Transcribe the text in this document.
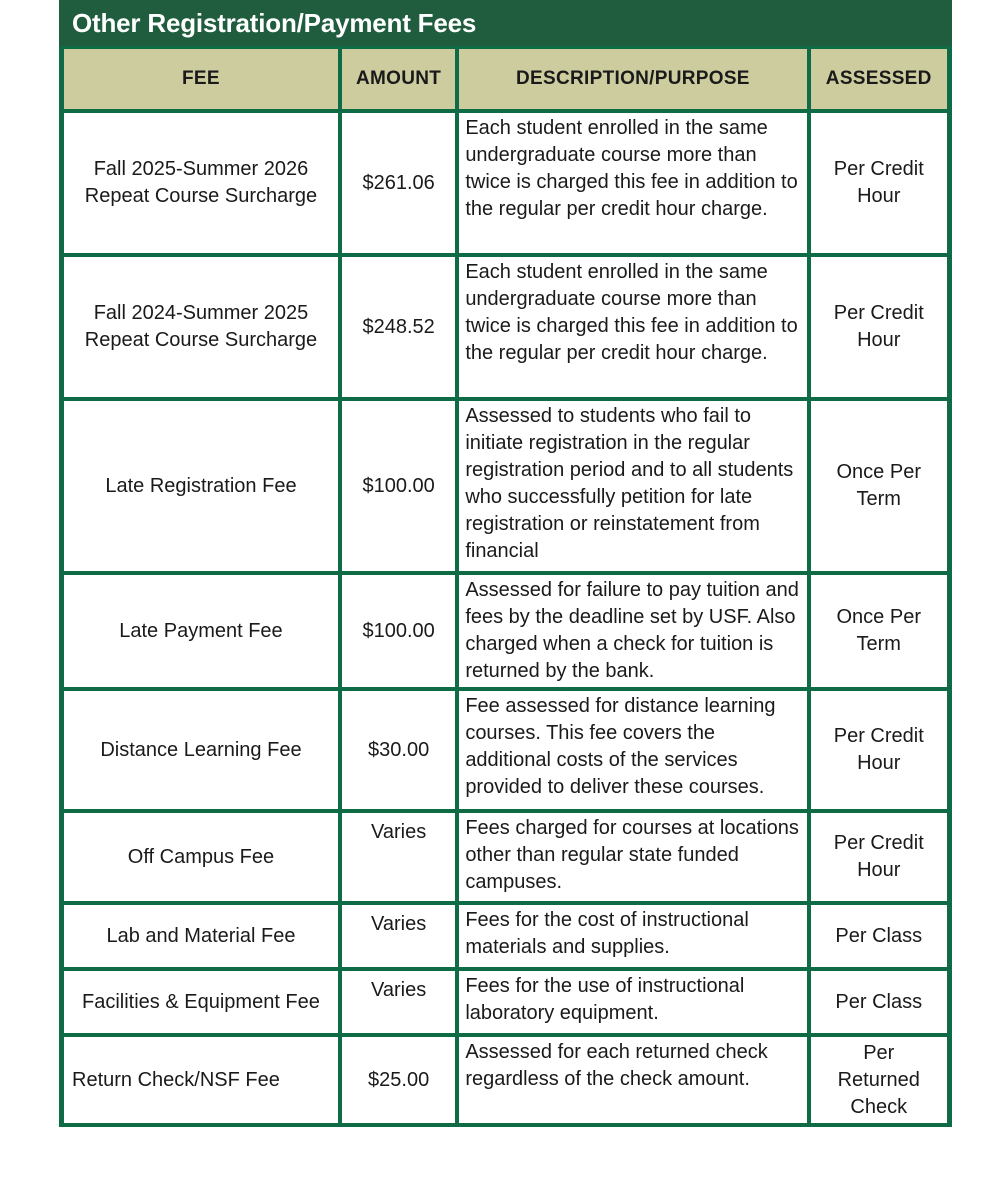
Other Registration/Payment Fees
FEE	AMOUNT	DESCRIPTION/PURPOSE	ASSESSED

Fall 2025-Summer 2026 Repeat Course Surcharge	$261.06	Each student enrolled in the same undergraduate course more than twice is charged this fee in addition to the regular per credit hour charge.	Per Credit Hour

Fall 2024-Summer 2025 Repeat Course Surcharge	$248.52	Each student enrolled in the same undergraduate course more than twice is charged this fee in addition to the regular per credit hour charge.	Per Credit Hour

Late Registration Fee	$100.00	Assessed to students who fail to initiate registration in the regular registration period and to all students who successfully petition for late registration or reinstatement from financial	Once Per Term

Late Payment Fee	$100.00	Assessed for failure to pay tuition and fees by the deadline set by USF. Also charged when a check for tuition is returned by the bank.	Once Per Term

Distance Learning Fee	$30.00	Fee assessed for distance learning courses. This fee covers the additional costs of the services provided to deliver these courses.	Per Credit Hour

Off Campus Fee	Varies	Fees charged for courses at locations other than regular state funded campuses.	Per Credit Hour

Lab and Material Fee	Varies	Fees for the cost of instructional materials and supplies.	Per Class
Facilities & Equipment Fee	Varies	Fees for the use of instructional laboratory equipment.	Per Class
Return Check/NSF Fee	$25.00	Assessed for each returned check regardless of the check amount.	Per Returned Check
